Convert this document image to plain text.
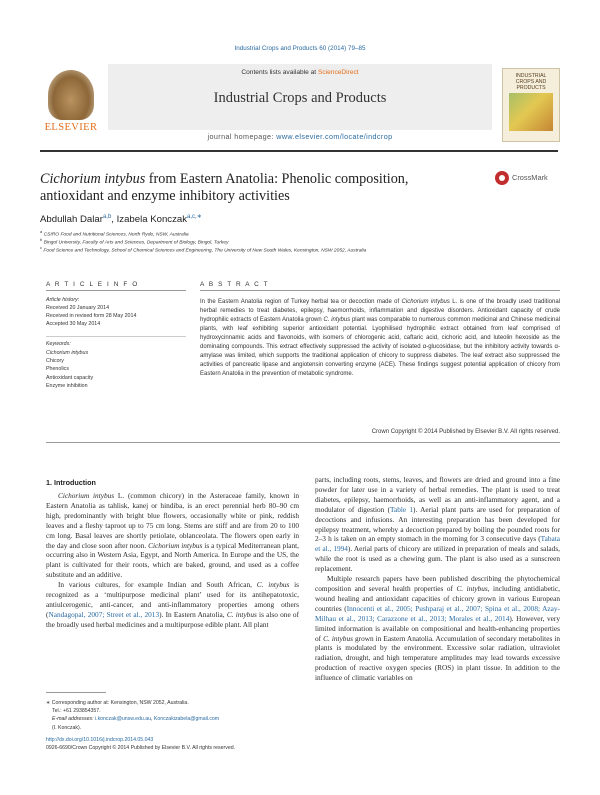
Industrial Crops and Products 60 (2014) 79–85
ELSEVIER
Contents lists available at ScienceDirect
Industrial Crops and Products
journal homepage: www.elsevier.com/locate/indcrop
INDUSTRIAL CROPS AND PRODUCTS
Cichorium intybus from Eastern Anatolia: Phenolic composition, antioxidant and enzyme inhibitory activities
CrossMark
Abdullah Dalar$^{a,b}$, Izabela Konczak$^{a,c,∗}$
$^a$ CSIRO Food and Nutritional Sciences, North Ryde, NSW, Australia
$^b$ Bingol University, Faculty of Arts and Sciences, Department of Biology, Bingol, Turkey
$^c$ Food Science and Technology, School of Chemical Sciences and Engineering, The University of New South Wales, Kensington, NSW 2052, Australia
A R T I C L E I N F O	A B S T R A C T
Article history:
Received 20 January 2014
Received in revised form 28 May 2014
Accepted 30 May 2014
Keywords:
Cichorium intybus
Chicory
Phenolics
Antioxidant capacity
Enzyme inhibition
In the Eastern Anatolia region of Turkey herbal tea or decoction made of Cichorium intybus L. is one of the broadly used traditional herbal remedies to treat diabetes, epilepsy, haemorrhoids, inflammation and digestive disorders. Antioxidant capacity of crude hydrophilic extracts of Eastern Anatolia grown C. intybus plant was comparable to numerous common medicinal and Chinese medicinal plants, with leaf exhibiting superior antioxidant potential. Lyophilised hydrophilic extract obtained from leaf comprised of hydroxycinnamic acids and flavonoids, with isomers of chlorogenic acid, caftaric acid, cichoric acid, and luteolin hexoside as the dominating compounds. This extract effectively suppressed the activity of isolated α-glucosidase, but the inhibitory activity towards α-amylase was limited, which supports the traditional application of chicory to suppress diabetes. The leaf extract also suppressed the activities of pancreatic lipase and angiotensin converting enzyme (ACE). These findings suggest potential application of chicory from Eastern Anatolia in the prevention of metabolic syndrome.
Crown Copyright © 2014 Published by Elsevier B.V. All rights reserved.
1. Introduction

Cichorium intybus L. (common chicory) in the Asteraceae family, known in Eastern Anatolia as tahlisk, kanej or hindiba, is an erect perennial herb 80–90 cm high, predominantly with bright blue flowers, occasionally white or pink, reddish leaves and a fleshy taproot up to 75 cm long. Stems are stiff and are from 20 to 100 cm long. Basal leaves are shortly petiolate, oblanceolata. The flowers open early in the day and close soon after noon. Cichorium intybus is a typical Mediterranean plant, occurring also in Western Asia, Egypt, and North America. In Europe and the US, the plant is cultivated for their roots, which are baked, ground, and used as a coffee substitute and an additive.

In various cultures, for example Indian and South African, C. intybus is recognized as a ‘multipurpose medicinal plant’ used for its antihepatotoxic, antiulcerogenic, anti-cancer, and anti-inflammatory properties among others (Nandagopal, 2007; Street et al., 2013). In Eastern Anatolia, C. intybus is also one of the broadly used herbal medicines and a multipurpose edible plant. All plant

parts, including roots, stems, leaves, and flowers are dried and ground into a fine powder for later use in a variety of herbal remedies. The plant is used to treat diabetes, epilepsy, haemorrhoids, as well as an anti-inflammatory agent, and a modulator of digestion (Table 1). Aerial plant parts are used for preparation of decoctions and infusions. An interesting preparation has been developed for epilepsy treatment, whereby a decoction prepared by boiling the pounded roots for 2–3 h is taken on an empty stomach in the morning for 3 consecutive days (Tabata et al., 1994). Aerial parts of chicory are utilized in preparation of meals and salads, while the root is used as a chewing gum. The plant is also used as a sunscreen replacement.

Multiple research papers have been published describing the phytochemical composition and several health properties of C. intybus, including antidiabetic, wound healing and antioxidant capacities of chicory grown in various European countries (Innocenti et al., 2005; Pushparaj et al., 2007; Spina et al., 2008; Azay-Milhau et al., 2013; Carazzone et al., 2013; Morales et al., 2014). However, very limited information is available on compositional and health-enhancing properties of C. intybus grown in Eastern Anatolia. Accumulation of secondary metabolites in plants is modulated by the environment. Excessive solar radiation, ultraviolet radiation, drought, and high temperature amplitudes may lead towards excessive production of reactive oxygen species (ROS) in plant tissue. In addition to the influence of climatic variables on

∗ Corresponding author at: Kensington, NSW 2052, Australia.
Tel.: +61 293854357.
E-mail addresses: i.konczak@unsw.edu.au, Konczakizabela@gmail.com
(I. Konczak).
http://dx.doi.org/10.1016/j.indcrop.2014.05.043
0926-6690/Crown Copyright © 2014 Published by Elsevier B.V. All rights reserved.
